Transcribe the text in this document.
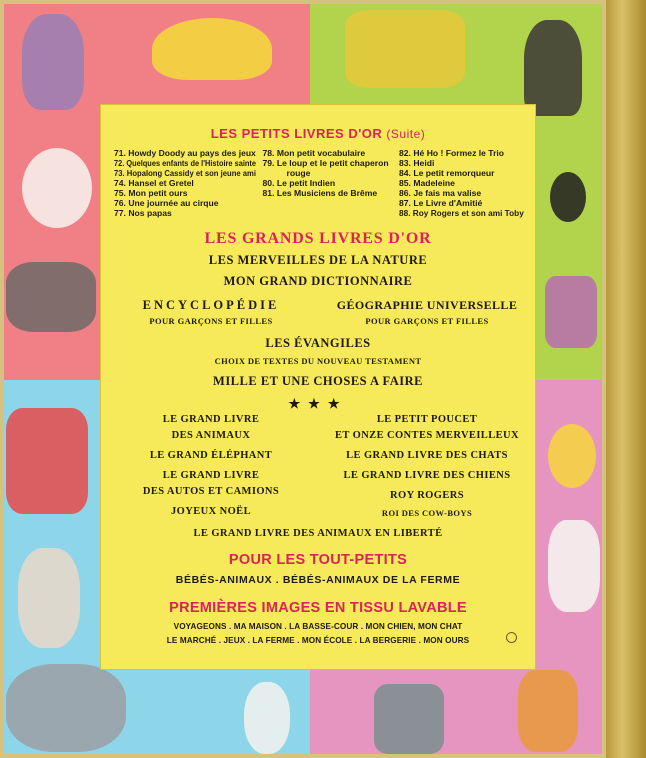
LES PETITS LIVRES D'OR (Suite)
71. Howdy Doody au pays des jeux
72. Quelques enfants de l'Histoire sainte
73. Hopalong Cassidy et son jeune ami
74. Hansel et Gretel
75. Mon petit ours
76. Une journée au cirque
77. Nos papas
78. Mon petit vocabulaire
79. Le loup et le petit chaperon
rouge
80. Le petit Indien
81. Les Musiciens de Brême
82. Hé Ho ! Formez le Trio
83. Heidi
84. Le petit remorqueur
85. Madeleine
86. Je fais ma valise
87. Le Livre d'Amitié
88. Roy Rogers et son ami Toby
LES GRANDS LIVRES D'OR
LES MERVEILLES DE LA NATURE
MON GRAND DICTIONNAIRE
ENCYCLOPÉDIE
POUR GARÇONS ET FILLES
GÉOGRAPHIE UNIVERSELLE
POUR GARÇONS ET FILLES
LES ÉVANGILES
CHOIX DE TEXTES DU NOUVEAU TESTAMENT
MILLE ET UNE CHOSES A FAIRE
★★★
LE GRAND LIVRE
DES ANIMAUX
LE GRAND ÉLÉPHANT
LE GRAND LIVRE
DES AUTOS ET CAMIONS
JOYEUX NOËL
LE PETIT POUCET
ET ONZE CONTES MERVEILLEUX
LE GRAND LIVRE DES CHATS
LE GRAND LIVRE DES CHIENS
ROY ROGERS
ROI DES COW-BOYS
LE GRAND LIVRE DES ANIMAUX EN LIBERTÉ
POUR LES TOUT-PETITS
BÉBÉS-ANIMAUX . BÉBÉS-ANIMAUX DE LA FERME
PREMIÈRES IMAGES EN TISSU LAVABLE
VOYAGEONS . MA MAISON . LA BASSE-COUR . MON CHIEN, MON CHAT
LE MARCHÉ . JEUX . LA FERME . MON ÉCOLE . LA BERGERIE . MON OURS
